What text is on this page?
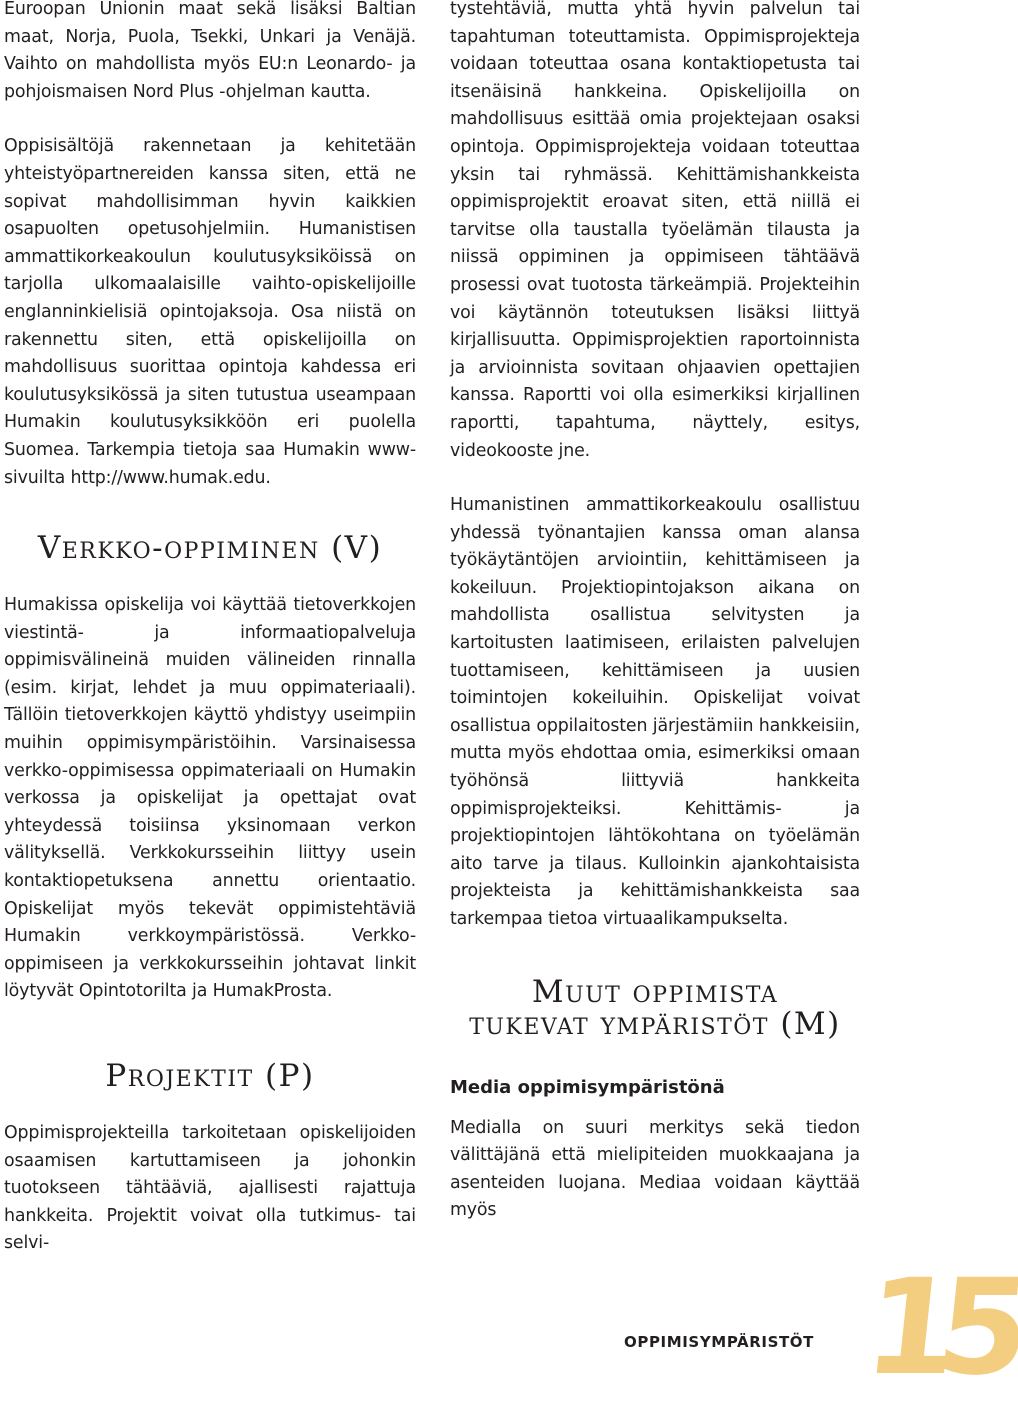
Euroopan Unionin maat sekä lisäksi Baltian maat, Norja, Puola, Tsekki, Unkari ja Venäjä. Vaihto on mahdollista myös EU:n Leonardo- ja pohjoismaisen Nord Plus -ohjelman kautta.

Oppisisältöjä rakennetaan ja kehitetään yhteistyöpartnereiden kanssa siten, että ne sopivat mahdollisimman hyvin kaikkien osapuolten opetusohjelmiin. Humanistisen ammattikorkeakoulun koulutusyksiköissä on tarjolla ulkomaalaisille vaihto-opiskelijoille englanninkielisiä opintojaksoja. Osa niistä on rakennettu siten, että opiskelijoilla on mahdollisuus suorittaa opintoja kahdessa eri koulutusyksikössä ja siten tutustua useampaan Humakin koulutusyksikköön eri puolella Suomea. Tarkempia tietoja saa Humakin www-sivuilta http://www.humak.edu.

Verkko-oppiminen (V)

Humakissa opiskelija voi käyttää tietoverkkojen viestintä- ja informaatiopalveluja oppimisvälineinä muiden välineiden rinnalla (esim. kirjat, lehdet ja muu oppimateriaali). Tällöin tietoverkkojen käyttö yhdistyy useimpiin muihin oppimisympäristöihin. Varsinaisessa verkko-oppimisessa oppimateriaali on Humakin verkossa ja opiskelijat ja opettajat ovat yhteydessä toisiinsa yksinomaan verkon välityksellä. Verkkokursseihin liittyy usein kontaktiopetuksena annettu orientaatio. Opiskelijat myös tekevät oppimistehtäviä Humakin verkkoympäristössä. Verkko-oppimiseen ja verkkokursseihin johtavat linkit löytyvät Opintotorilta ja HumakProsta.

Projektit (P)

Oppimisprojekteilla tarkoitetaan opiskelijoiden osaamisen kartuttamiseen ja johonkin tuotokseen tähtääviä, ajallisesti rajattuja hankkeita. Projektit voivat olla tutkimus- tai selvi-

tystehtäviä, mutta yhtä hyvin palvelun tai tapahtuman toteuttamista. Oppimisprojekteja voidaan toteuttaa osana kontaktiopetusta tai itsenäisinä hankkeina. Opiskelijoilla on mahdollisuus esittää omia projektejaan osaksi opintoja. Oppimisprojekteja voidaan toteuttaa yksin tai ryhmässä. Kehittämishankkeista oppimisprojektit eroavat siten, että niillä ei tarvitse olla taustalla työelämän tilausta ja niissä oppiminen ja oppimiseen tähtäävä prosessi ovat tuotosta tärkeämpiä. Projekteihin voi käytännön toteutuksen lisäksi liittyä kirjallisuutta. Oppimisprojektien raportoinnista ja arvioinnista sovitaan ohjaavien opettajien kanssa. Raportti voi olla esimerkiksi kirjallinen raportti, tapahtuma, näyttely, esitys, videokooste jne.

Humanistinen ammattikorkeakoulu osallistuu yhdessä työnantajien kanssa oman alansa työkäytäntöjen arviointiin, kehittämiseen ja kokeiluun. Projektiopintojakson aikana on mahdollista osallistua selvitysten ja kartoitusten laatimiseen, erilaisten palvelujen tuottamiseen, kehittämiseen ja uusien toimintojen kokeiluihin. Opiskelijat voivat osallistua oppilaitosten järjestämiin hankkeisiin, mutta myös ehdottaa omia, esimerkiksi omaan työhönsä liittyviä hankkeita oppimisprojekteiksi. Kehittämis- ja projektiopintojen lähtökohtana on työelämän aito tarve ja tilaus. Kulloinkin ajankohtaisista projekteista ja kehittämishankkeista saa tarkempaa tietoa virtuaalikampukselta.

Muut oppimista
tukevat ympäristöt (M)
Media oppimisympäristönä

Medialla on suuri merkitys sekä tiedon välittäjänä että mielipiteiden muokkaajana ja asenteiden luojana. Mediaa voidaan käyttää myös

OPPIMISYMPÄRISTÖT 15
